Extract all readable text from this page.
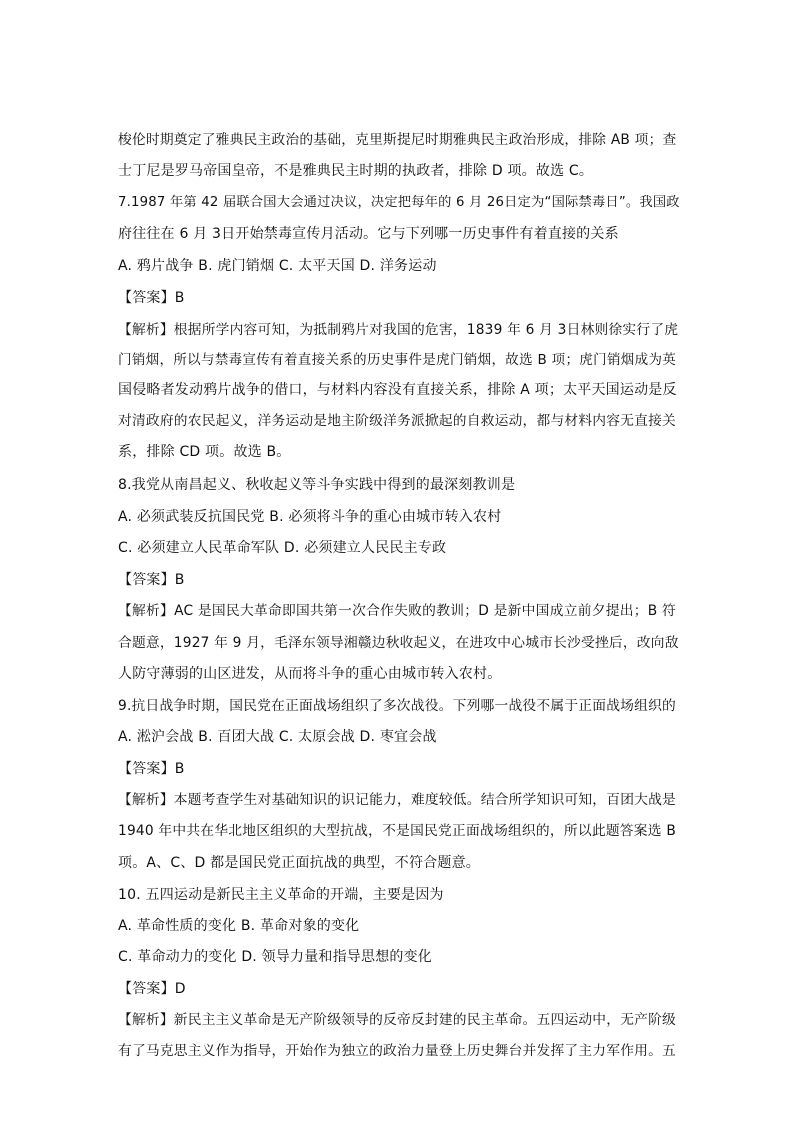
梭伦时期奠定了雅典民主政治的基础，克里斯提尼时期雅典民主政治形成，排除 AB 项；查
士丁尼是罗马帝国皇帝，不是雅典民主时期的执政者，排除 D 项。故选 C。
7.1987 年第 42 届联合国大会通过决议，决定把每年的 6 月 26日定为“国际禁毒日”。我国政
府往往在 6 月 3日开始禁毒宣传月活动。它与下列哪一历史事件有着直接的关系
A. 鸦片战争 B. 虎门销烟 C. 太平天国 D. 洋务运动
【答案】B
【解析】根据所学内容可知，为抵制鸦片对我国的危害，1839 年 6 月 3日林则徐实行了虎
门销烟，所以与禁毒宣传有着直接关系的历史事件是虎门销烟，故选 B 项；虎门销烟成为英
国侵略者发动鸦片战争的借口，与材料内容没有直接关系，排除 A 项；太平天国运动是反
对清政府的农民起义，洋务运动是地主阶级洋务派掀起的自救运动，都与材料内容无直接关
系，排除 CD 项。故选 B。
8.我党从南昌起义、秋收起义等斗争实践中得到的最深刻教训是
A. 必须武装反抗国民党 B. 必须将斗争的重心由城市转入农村
C. 必须建立人民革命军队 D. 必须建立人民民主专政
【答案】B
【解析】AC 是国民大革命即国共第一次合作失败的教训；D 是新中国成立前夕提出；B 符
合题意，1927 年 9 月，毛泽东领导湘赣边秋收起义，在进攻中心城市长沙受挫后，改向敌
人防守薄弱的山区进发，从而将斗争的重心由城市转入农村。
9.抗日战争时期，国民党在正面战场组织了多次战役。下列哪一战役不属于正面战场组织的
A. 淞沪会战 B. 百团大战 C. 太原会战 D. 枣宜会战
【答案】B
【解析】本题考查学生对基础知识的识记能力，难度较低。结合所学知识可知，百团大战是
1940 年中共在华北地区组织的大型抗战，不是国民党正面战场组织的，所以此题答案选 B
项。A、C、D 都是国民党正面抗战的典型，不符合题意。
10. 五四运动是新民主主义革命的开端，主要是因为
A. 革命性质的变化 B. 革命对象的变化
C. 革命动力的变化 D. 领导力量和指导思想的变化
【答案】D
【解析】新民主主义革命是无产阶级领导的反帝反封建的民主革命。五四运动中，无产阶级
有了马克思主义作为指导，开始作为独立的政治力量登上历史舞台并发挥了主力军作用。五
